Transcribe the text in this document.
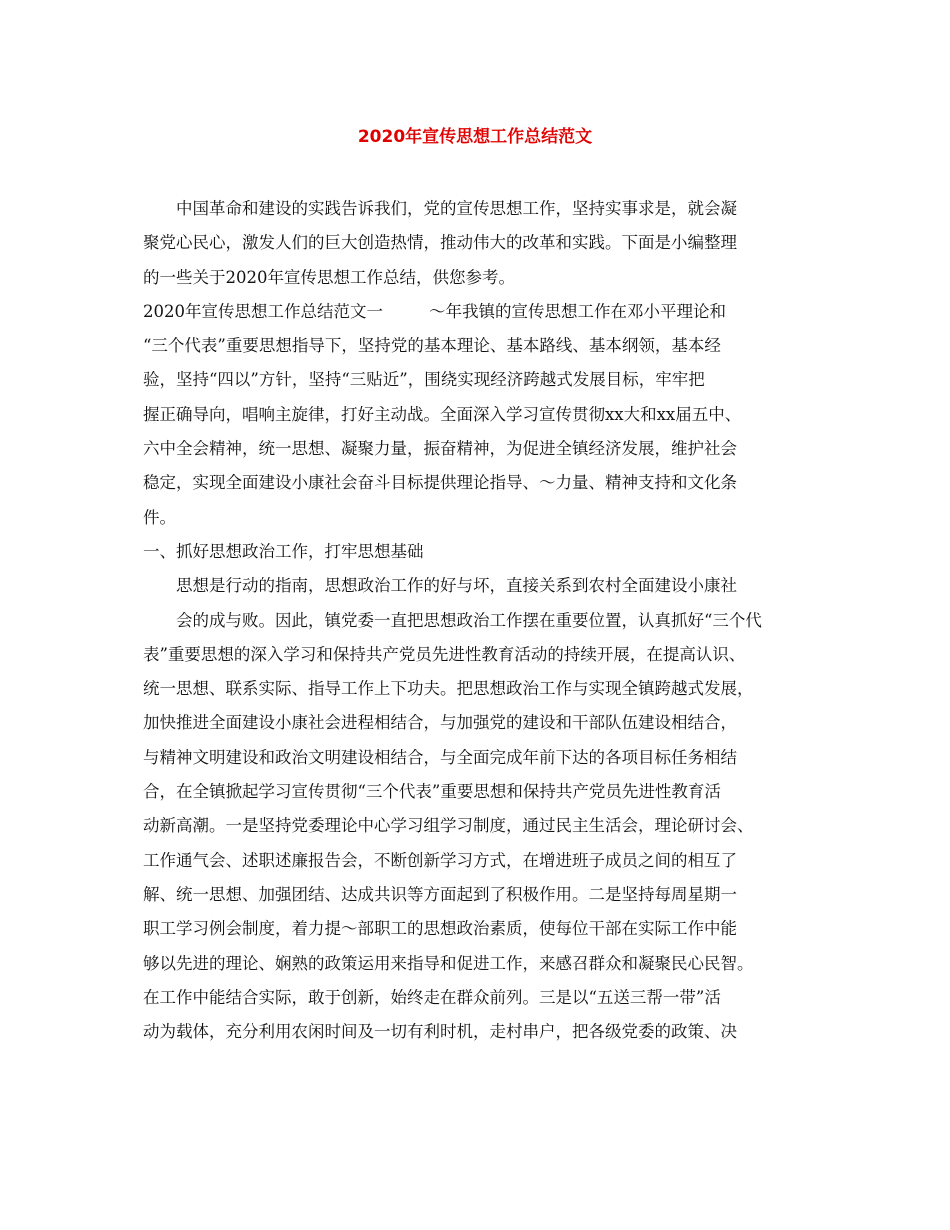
2020年宣传思想工作总结范文
中国革命和建设的实践告诉我们，党的宣传思想工作，坚持实事求是，就会凝
聚党心民心，激发人们的巨大创造热情，推动伟大的改革和实践。下面是小编整理
的一些关于2020年宣传思想工作总结，供您参考。
2020年宣传思想工作总结范文一	～年我镇的宣传思想工作在邓小平理论和
“三个代表”重要思想指导下，坚持党的基本理论、基本路线、基本纲领，基本经
验，坚持“四以”方针，坚持“三贴近”，围绕实现经济跨越式发展目标，牢牢把
握正确导向，唱响主旋律，打好主动战。全面深入学习宣传贯彻xx大和xx届五中、
六中全会精神，统一思想、凝聚力量，振奋精神，为促进全镇经济发展，维护社会
稳定，实现全面建设小康社会奋斗目标提供理论指导、～力量、精神支持和文化条
件。
一、抓好思想政治工作，打牢思想基础
思想是行动的指南，思想政治工作的好与坏，直接关系到农村全面建设小康社
会的成与败。因此，镇党委一直把思想政治工作摆在重要位置，认真抓好“三个代
表”重要思想的深入学习和保持共产党员先进性教育活动的持续开展，在提高认识、
统一思想、联系实际、指导工作上下功夫。把思想政治工作与实现全镇跨越式发展，
加快推进全面建设小康社会进程相结合，与加强党的建设和干部队伍建设相结合，
与精神文明建设和政治文明建设相结合，与全面完成年前下达的各项目标任务相结
合，在全镇掀起学习宣传贯彻“三个代表”重要思想和保持共产党员先进性教育活
动新高潮。一是坚持党委理论中心学习组学习制度，通过民主生活会，理论研讨会、
工作通气会、述职述廉报告会，不断创新学习方式，在增进班子成员之间的相互了
解、统一思想、加强团结、达成共识等方面起到了积极作用。二是坚持每周星期一
职工学习例会制度，着力提～部职工的思想政治素质，使每位干部在实际工作中能
够以先进的理论、娴熟的政策运用来指导和促进工作，来感召群众和凝聚民心民智。
在工作中能结合实际，敢于创新，始终走在群众前列。三是以“五送三帮一带”活
动为载体，充分利用农闲时间及一切有利时机，走村串户，把各级党委的政策、决
